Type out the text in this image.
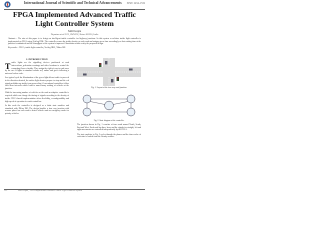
International Journal of Scientific and Technical Advancements ISSN: 2454-1532
FPGA Implemented Advanced Traffic Light Controller System
Sahil Gupta
Department of ECE, SMVDU, Katra-182320, India
Abstract— The aim of this paper is to design an intelligent traffic controller for highway junctions. In this system a real-time traffic light controller is implemented on FPGA using Verilog HDL. The controller senses the traffic density on each road and assigns green time accordingly so that waiting time at the junction is minimized and the throughput of the system is improved. Simulation results verify the proposed design.
Keywords— FPGA, traffic light controller, Verilog HDL, Xilinx ISE.
I. INTRODUCTION
T raffic lights are the signalling devices positioned at road intersections, pedestrian crossings and other locations to control the competing flows of traffic. They assign the right of way to road users by the use of lights in standard colours red, amber and green following a universal colour code.
In a typical cycle the illumination of the green light allows traffic to proceed in the direction denoted, the amber light denotes prepare to stop and the red signal prohibits any traffic from proceeding. Conventional controllers follow fixed time intervals which leads to unnecessary waiting of vehicles at the junction.
With the increasing number of vehicles on the road an adaptive controller is required which can change the timing of signals according to the density of traffic. FPGA based implementation offers flexibility, reconfigurability and high speed of operation for such controllers.
In this work the controller is designed as a finite state machine and simulated with Xilinx ISE. The design handles a four way junction with sensors placed on each road to detect vehicles and an emergency mode for priority vehicles.
Fig. 1. Layout of the four way road junction.
Fig. 2. State diagram of the controller.
The junction shown in Fig. 1 consists of four roads named North, South, East and West. Each road has three lanes and the signals for straight, left and right movements are controlled independently by the FPGA.
The state machine in Fig. 2 cycles through the phases and the timer value of each state is loaded from the density counter.
135	Sahil Gupta, "FPGA Implemented Advanced Traffic Light Controller System"
